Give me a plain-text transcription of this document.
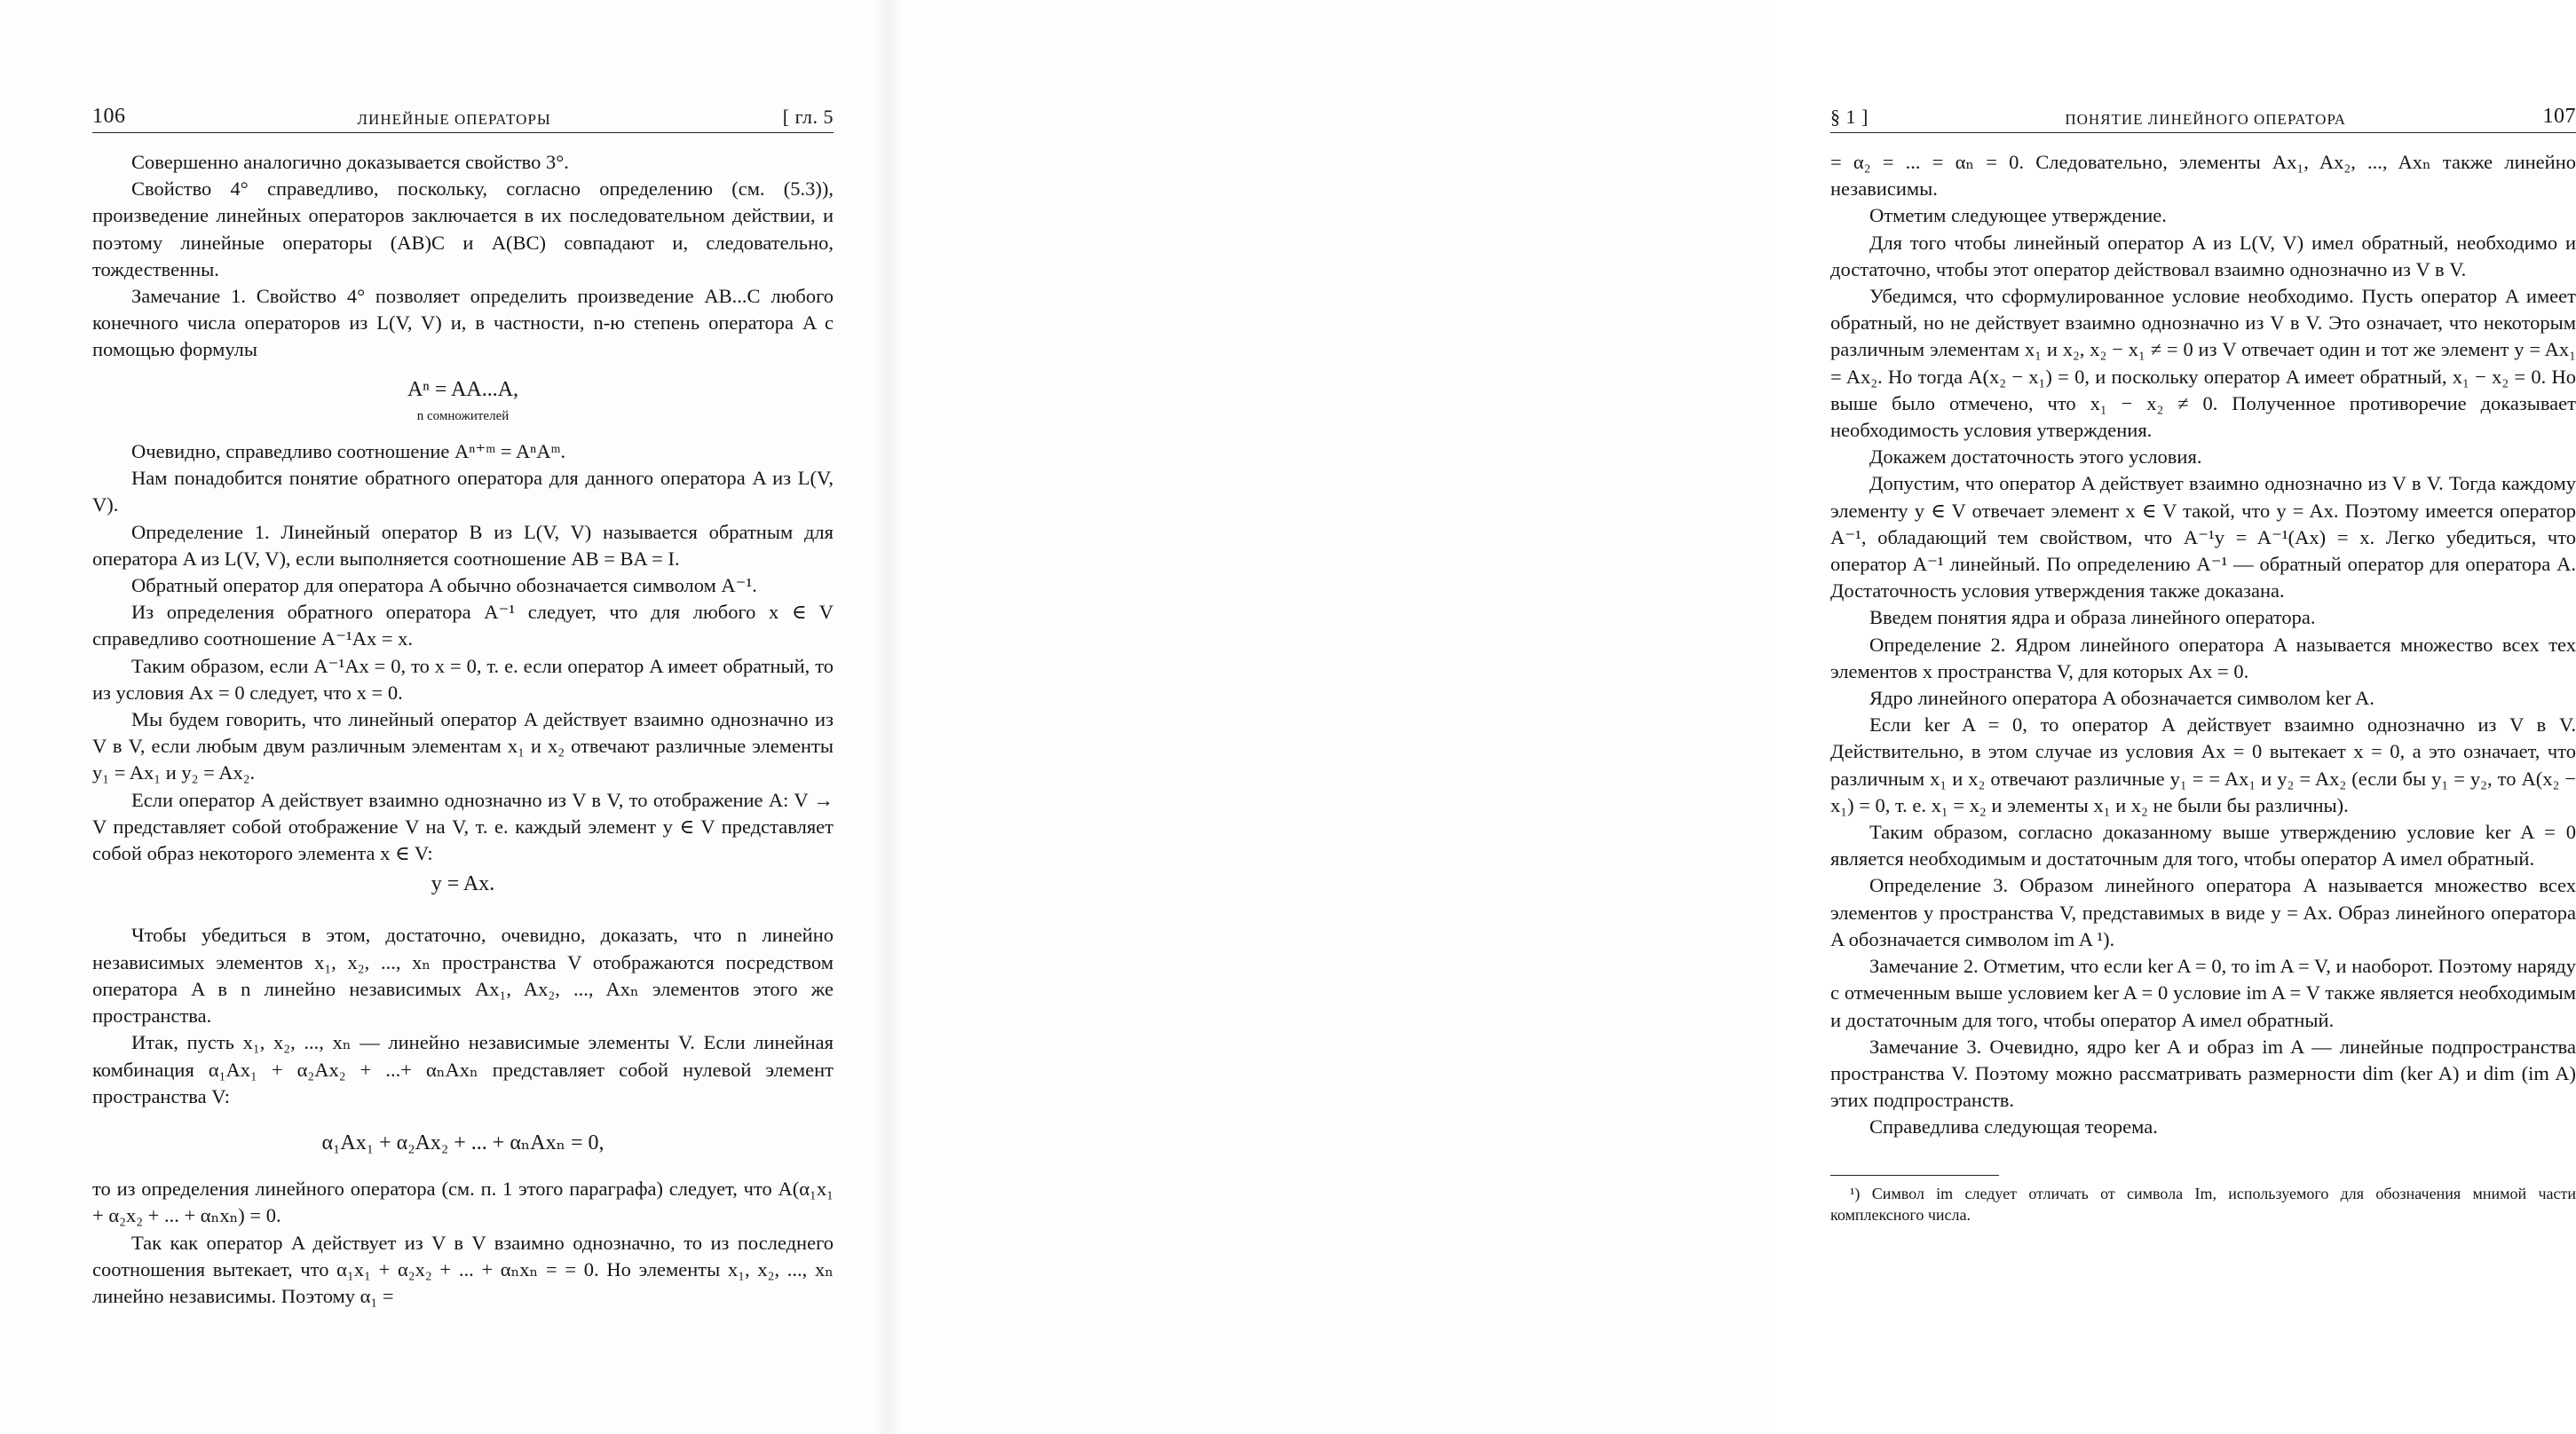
106	ЛИНЕЙНЫЕ ОПЕРАТОРЫ	[ гл. 5

Совершенно аналогично доказывается свойство 3°.

Свойство 4° справедливо, поскольку, согласно определению (см. (5.3)), произведение линейных операторов заключается в их последовательном действии, и поэтому линейные операторы (AB)C и A(BC) совпадают и, следовательно, тождественны.

Замечание 1. Свойство 4° позволяет определить произведение AB...C любого конечного числа операторов из L(V, V) и, в частности, n-ю степень оператора A с помощью формулы

Aⁿ = AA...A,
n сомножителей

Очевидно, справедливо соотношение Aⁿ⁺ᵐ = AⁿAᵐ.

Нам понадобится понятие обратного оператора для данного оператора A из L(V, V).

Определение 1. Линейный оператор B из L(V, V) называется обратным для оператора A из L(V, V), если выполняется соотношение AB = BA = I.

Обратный оператор для оператора A обычно обозначается символом A⁻¹.

Из определения обратного оператора A⁻¹ следует, что для любого x ∈ V справедливо соотношение A⁻¹Ax = x.

Таким образом, если A⁻¹Ax = 0, то x = 0, т. е. если оператор A имеет обратный, то из условия Ax = 0 следует, что x = 0.

Мы будем говорить, что линейный оператор A действует взаимно однозначно из V в V, если любым двум различным элементам x₁ и x₂ отвечают различные элементы y₁ = Ax₁ и y₂ = Ax₂.

Если оператор A действует взаимно однозначно из V в V, то отображение A: V → V представляет собой отображение V на V, т. е. каждый элемент y ∈ V представляет собой образ некоторого элемента x ∈ V:

y = Ax.

Чтобы убедиться в этом, достаточно, очевидно, доказать, что n линейно независимых элементов x₁, x₂, ..., xₙ пространства V отображаются посредством оператора A в n линейно независимых Ax₁, Ax₂, ..., Axₙ элементов этого же пространства.

Итак, пусть x₁, x₂, ..., xₙ — линейно независимые элементы V. Если линейная комбинация α₁Ax₁ + α₂Ax₂ + ...+ αₙAxₙ представляет собой нулевой элемент пространства V:

α₁Ax₁ + α₂Ax₂ + ... + αₙAxₙ = 0,

то из определения линейного оператора (см. п. 1 этого параграфа) следует, что A(α₁x₁ + α₂x₂ + ... + αₙxₙ) = 0.

Так как оператор A действует из V в V взаимно однозначно, то из последнего соотношения вытекает, что α₁x₁ + α₂x₂ + ... + αₙxₙ = = 0. Но элементы x₁, x₂, ..., xₙ линейно независимы. Поэтому α₁ =

§ 1 ]	ПОНЯТИЕ ЛИНЕЙНОГО ОПЕРАТОРА	107

= α₂ = ... = αₙ = 0. Следовательно, элементы Ax₁, Ax₂, ..., Axₙ также линейно независимы.

Отметим следующее утверждение.

Для того чтобы линейный оператор A из L(V, V) имел обратный, необходимо и достаточно, чтобы этот оператор действовал взаимно однозначно из V в V.

Убедимся, что сформулированное условие необходимо. Пусть оператор A имеет обратный, но не действует взаимно однозначно из V в V. Это означает, что некоторым различным элементам x₁ и x₂, x₂ − x₁ ≠ = 0 из V отвечает один и тот же элемент y = Ax₁ = Ax₂. Но тогда A(x₂ − x₁) = 0, и поскольку оператор A имеет обратный, x₁ − x₂ = 0. Но выше было отмечено, что x₁ − x₂ ≠ 0. Полученное противоречие доказывает необходимость условия утверждения.

Докажем достаточность этого условия.

Допустим, что оператор A действует взаимно однозначно из V в V. Тогда каждому элементу y ∈ V отвечает элемент x ∈ V такой, что y = Ax. Поэтому имеется оператор A⁻¹, обладающий тем свойством, что A⁻¹y = A⁻¹(Ax) = x. Легко убедиться, что оператор A⁻¹ линейный. По определению A⁻¹ — обратный оператор для оператора A. Достаточность условия утверждения также доказана.

Введем понятия ядра и образа линейного оператора.

Определение 2. Ядром линейного оператора A называется множество всех тех элементов x пространства V, для которых Ax = 0.

Ядро линейного оператора A обозначается символом ker A.

Если ker A = 0, то оператор A действует взаимно однозначно из V в V. Действительно, в этом случае из условия Ax = 0 вытекает x = 0, а это означает, что различным x₁ и x₂ отвечают различные y₁ = = Ax₁ и y₂ = Ax₂ (если бы y₁ = y₂, то A(x₂ − x₁) = 0, т. е. x₁ = x₂ и элементы x₁ и x₂ не были бы различны).

Таким образом, согласно доказанному выше утверждению условие ker A = 0 является необходимым и достаточным для того, чтобы оператор A имел обратный.

Определение 3. Образом линейного оператора A называется множество всех элементов y пространства V, представимых в виде y = Ax. Образ линейного оператора A обозначается символом im A ¹).

Замечание 2. Отметим, что если ker A = 0, то im A = V, и наоборот. Поэтому наряду с отмеченным выше условием ker A = 0 условие im A = V также является необходимым и достаточным для того, чтобы оператор A имел обратный.

Замечание 3. Очевидно, ядро ker A и образ im A — линейные подпространства пространства V. Поэтому можно рассматривать размерности dim (ker A) и dim (im A) этих подпространств.

Справедлива следующая теорема.

¹) Символ im следует отличать от символа Im, используемого для обозначения мнимой части комплексного числа.
